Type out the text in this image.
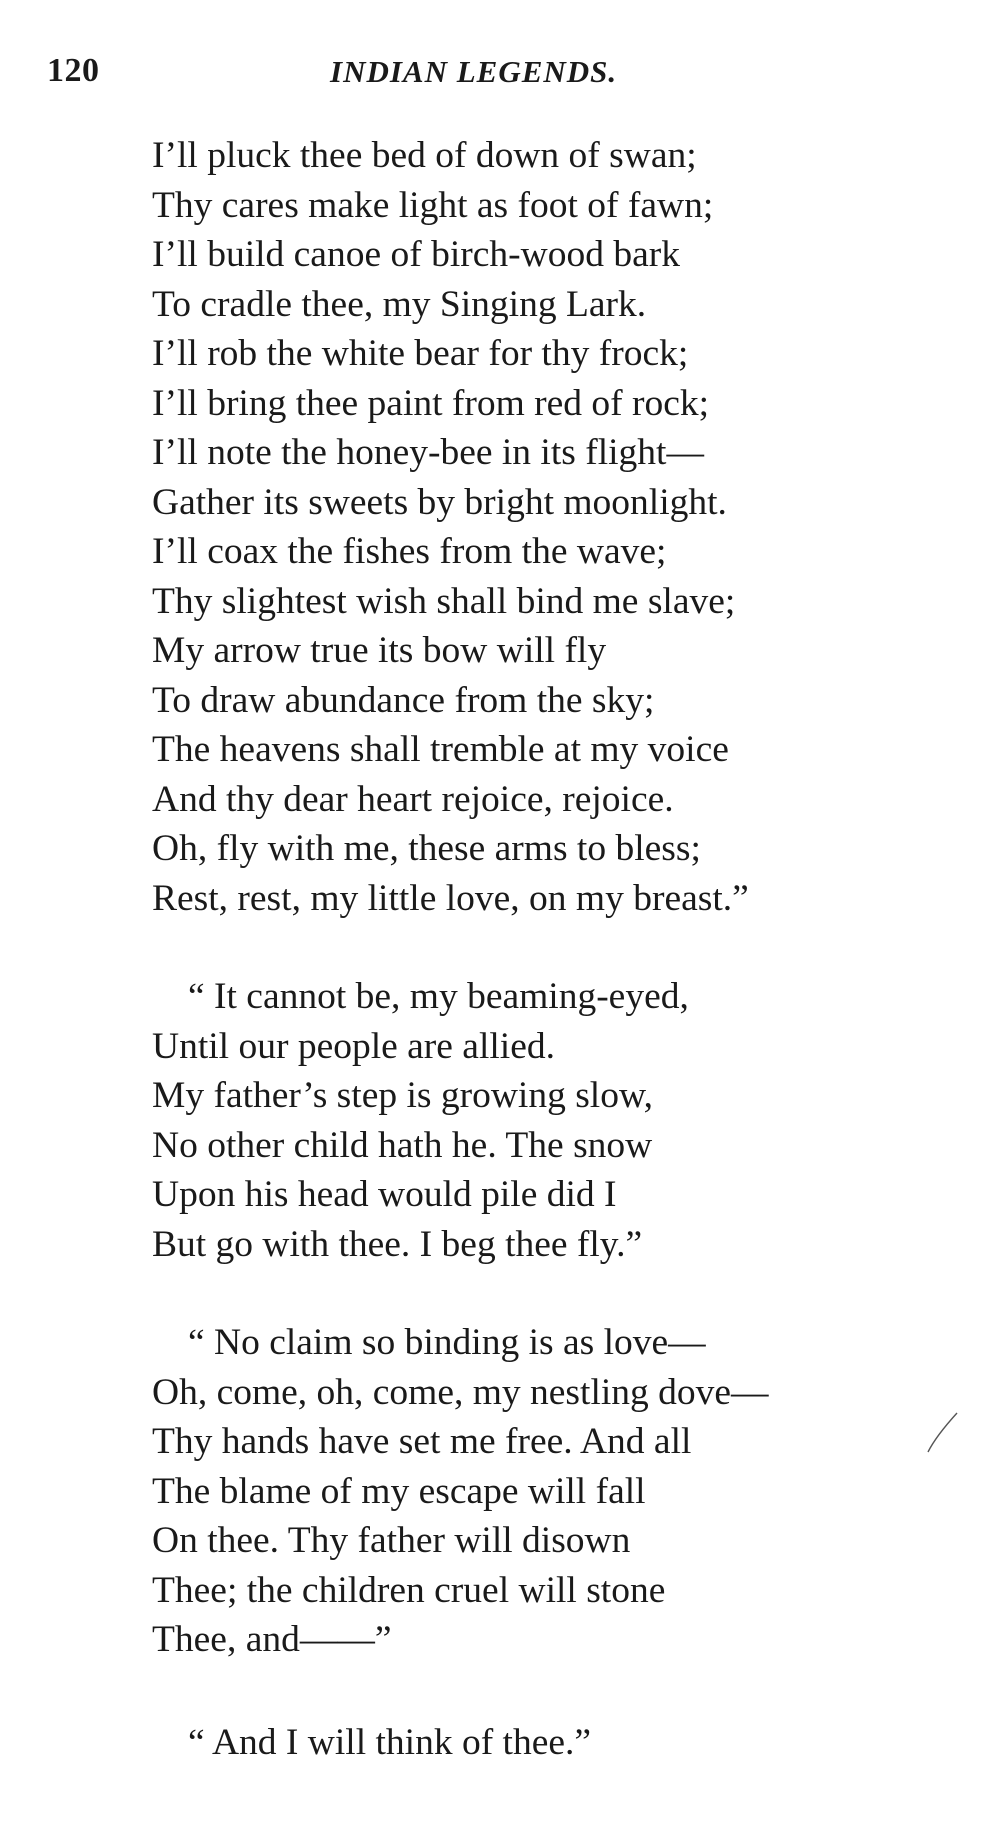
120	INDIAN LEGENDS.
I’ll pluck thee bed of down of swan;
Thy cares make light as foot of fawn;
I’ll build canoe of birch-wood bark
To cradle thee, my Singing Lark.
I’ll rob the white bear for thy frock;
I’ll bring thee paint from red of rock;
I’ll note the honey-bee in its flight—
Gather its sweets by bright moonlight.
I’ll coax the fishes from the wave;
Thy slightest wish shall bind me slave;
My arrow true its bow will fly
To draw abundance from the sky;
The heavens shall tremble at my voice
And thy dear heart rejoice, rejoice.
Oh, fly with me, these arms to bless;
Rest, rest, my little love, on my breast.”
“ It cannot be, my beaming-eyed,
Until our people are allied.
My father’s step is growing slow,
No other child hath he. The snow
Upon his head would pile did I
But go with thee. I beg thee fly.”
“ No claim so binding is as love—
Oh, come, oh, come, my nestling dove—
Thy hands have set me free. And all
The blame of my escape will fall
On thee. Thy father will disown
Thee; the children cruel will stone
Thee, and——”
“ And I will think of thee.”
